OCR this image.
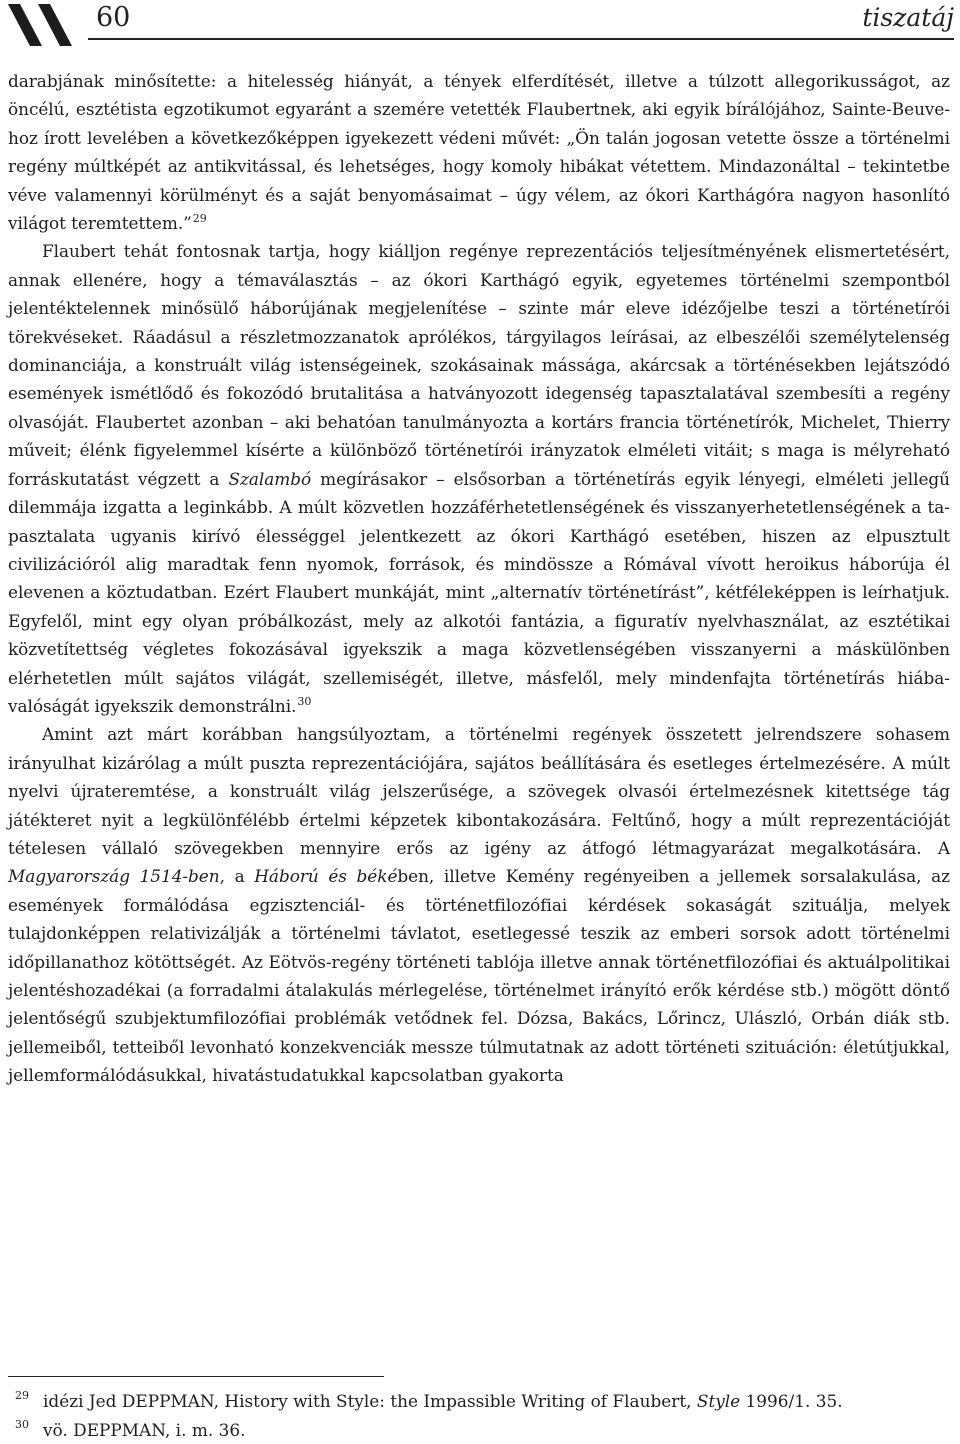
60	tiszatáj

darabjának minősítette: a hitelesség hiányát, a tények elferdítését, illetve a túlzott allegorikusságot, az öncélú, esztétista egzotikumot egyaránt a szemére vetették Flaubertnek, aki egyik bírálójához, Sainte-Beuve-hoz írott levelében a következőképpen igyekezett védeni művét: „Ön talán jogosan vetette össze a történelmi regény múltképét az antikvitással, és lehetséges, hogy komoly hibákat vétettem. Mindazonáltal – tekintetbe véve valamennyi körülményt és a saját benyomásaimat – úgy vélem, az ókori Karthágóra nagyon hasonlító világot teremtettem.”$^{29}$

Flaubert tehát fontosnak tartja, hogy kiálljon regénye reprezentációs teljesítményének elismertetésért, annak ellenére, hogy a témaválasztás – az ókori Karthágó egyik, egyetemes történelmi szempontból jelentéktelennek minősülő háborújának megjelenítése – szinte már eleve idézőjelbe teszi a történetírói törekvéseket. Ráadásul a részletmozzanatok aprólékos, tárgyilagos leírásai, az elbeszélői személytelenség dominanciája, a konstruált világ istenségeinek, szokásainak mássága, akárcsak a történésekben lejátszódó események ismétlődő és fokozódó brutalitása a hatványozott idegenség tapasztalatával szembesíti a regény olvasóját. Flaubertet azonban – aki behatóan tanulmányozta a kortárs francia történetírók, Michelet, Thierry műveit; élénk figyelemmel kísérte a különböző történetírói irányzatok elméleti vitáit; s maga is mélyreható forráskutatást végzett a Szalambó megírásakor – elsősorban a történetírás egyik lényegi, elméleti jellegű dilemmája izgatta a leginkább. A múlt közvetlen hozzáférhetetlenségének és visszanyerhetetlenségének a tapasztalata ugyanis kirívó élességgel jelentkezett az ókori Karthágó esetében, hiszen az elpusztult civilizációról alig maradtak fenn nyomok, források, és mindössze a Rómával vívott heroikus háborúja él elevenen a köztudatban. Ezért Flaubert munkáját, mint „alternatív történetírást”, kétféleképpen is leírhatjuk. Egyfelől, mint egy olyan próbálkozást, mely az alkotói fantázia, a figuratív nyelvhasználat, az esztétikai közvetítettség végletes fokozásával igyekszik a maga közvetlenségében visszanyerni a máskülönben elérhetetlen múlt sajátos világát, szellemiségét, illetve, másfelől, mely mindenfajta történetírás hiábavalóságát igyekszik demonstrálni.$^{30}$

Amint azt márt korábban hangsúlyoztam, a történelmi regények összetett jelrendszere sohasem irányulhat kizárólag a múlt puszta reprezentációjára, sajátos beállítására és esetleges értelmezésére. A múlt nyelvi újrateremtése, a konstruált világ jelszerűsége, a szövegek olvasói értelmezésnek kitettsége tág játékteret nyit a legkülönfélébb értelmi képzetek kibontakozására. Feltűnő, hogy a múlt reprezentációját tételesen vállaló szövegekben mennyire erős az igény az átfogó létmagyarázat megalkotására. A Magyarország 1514-ben, a Háború és békében, illetve Kemény regényeiben a jellemek sorsalakulása, az események formálódása egzisztenciál- és történetfilozófiai kérdések sokaságát szituálja, melyek tulajdonképpen relativizálják a történelmi távlatot, esetlegessé teszik az emberi sorsok adott történelmi időpillanathoz kötöttségét. Az Eötvös-regény történeti tablója illetve annak történetfilozófiai és aktuálpolitikai jelentéshozadékai (a forradalmi átalakulás mérlegelése, történelmet irányító erők kérdése stb.) mögött döntő jelentőségű szubjektumfilozófiai problémák vetődnek fel. Dózsa, Bakács, Lőrincz, Ulászló, Orbán diák stb. jellemeiből, tetteiből levonható konzekvenciák messze túlmutatnak az adott történeti szituáción: életútjukkal, jellemformálódásukkal, hivatástudatukkal kapcsolatban gyakorta

29 idézi Jed DEPPMAN, History with Style: the Impassible Writing of Flaubert, Style 1996/1. 35.
30 vö. DEPPMAN, i. m. 36.
